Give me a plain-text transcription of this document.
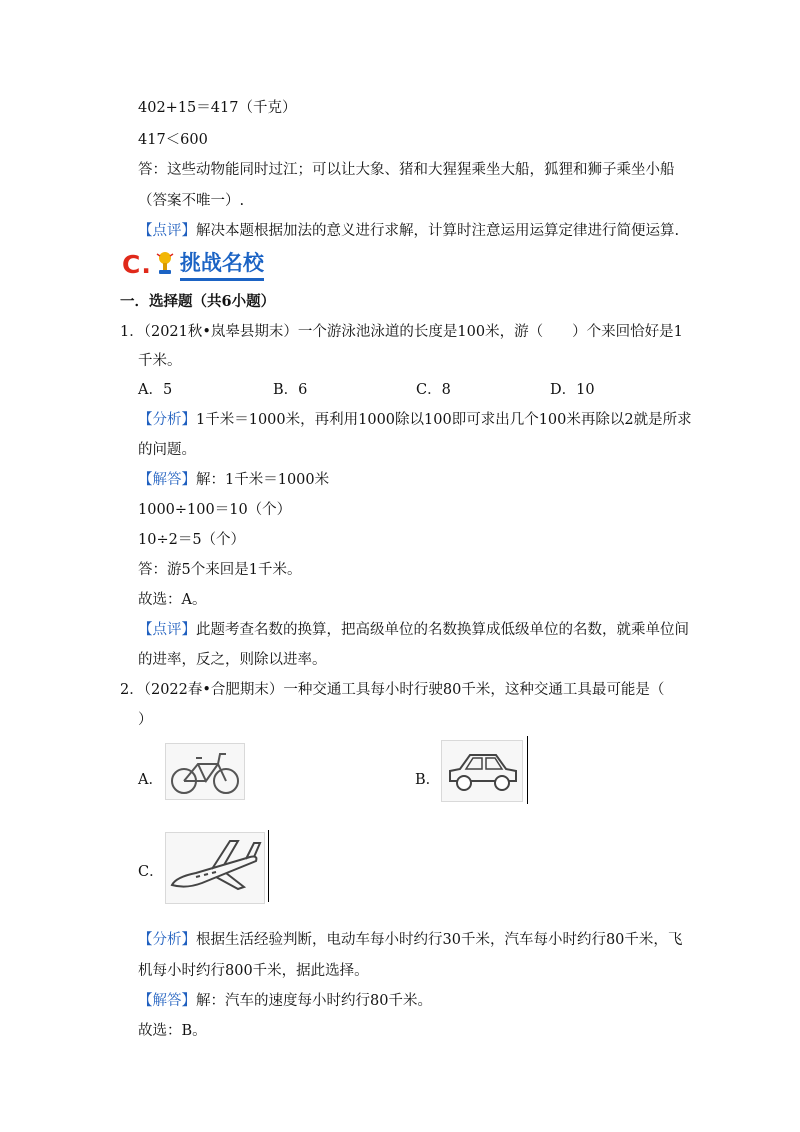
402+15＝417（千克）
417＜600
答：这些动物能同时过江；可以让大象、猪和大猩猩乘坐大船，狐狸和狮子乘坐小船
（答案不唯一）.
【点评】解决本题根据加法的意义进行求解，计算时注意运用运算定律进行简便运算.
C. 挑战名校
一．选择题（共6小题）
1．（2021秋•岚皋县期末）一个游泳池泳道的长度是100米，游（　　）个来回恰好是1
千米。
A．5	B．6	C．8	D．10
【分析】1千米＝1000米，再利用1000除以100即可求出几个100米再除以2就是所求
的问题。
【解答】解：1千米＝1000米
1000÷100＝10（个）
10÷2＝5（个）
答：游5个来回是1千米。
故选：A。
【点评】此题考查名数的换算，把高级单位的名数换算成低级单位的名数，就乘单位间
的进率，反之，则除以进率。
2．（2022春•合肥期末）一种交通工具每小时行驶80千米，这种交通工具最可能是（
）
A．	B．
C．
【分析】根据生活经验判断，电动车每小时约行30千米，汽车每小时约行80千米，飞
机每小时约行800千米，据此选择。
【解答】解：汽车的速度每小时约行80千米。
故选：B。
